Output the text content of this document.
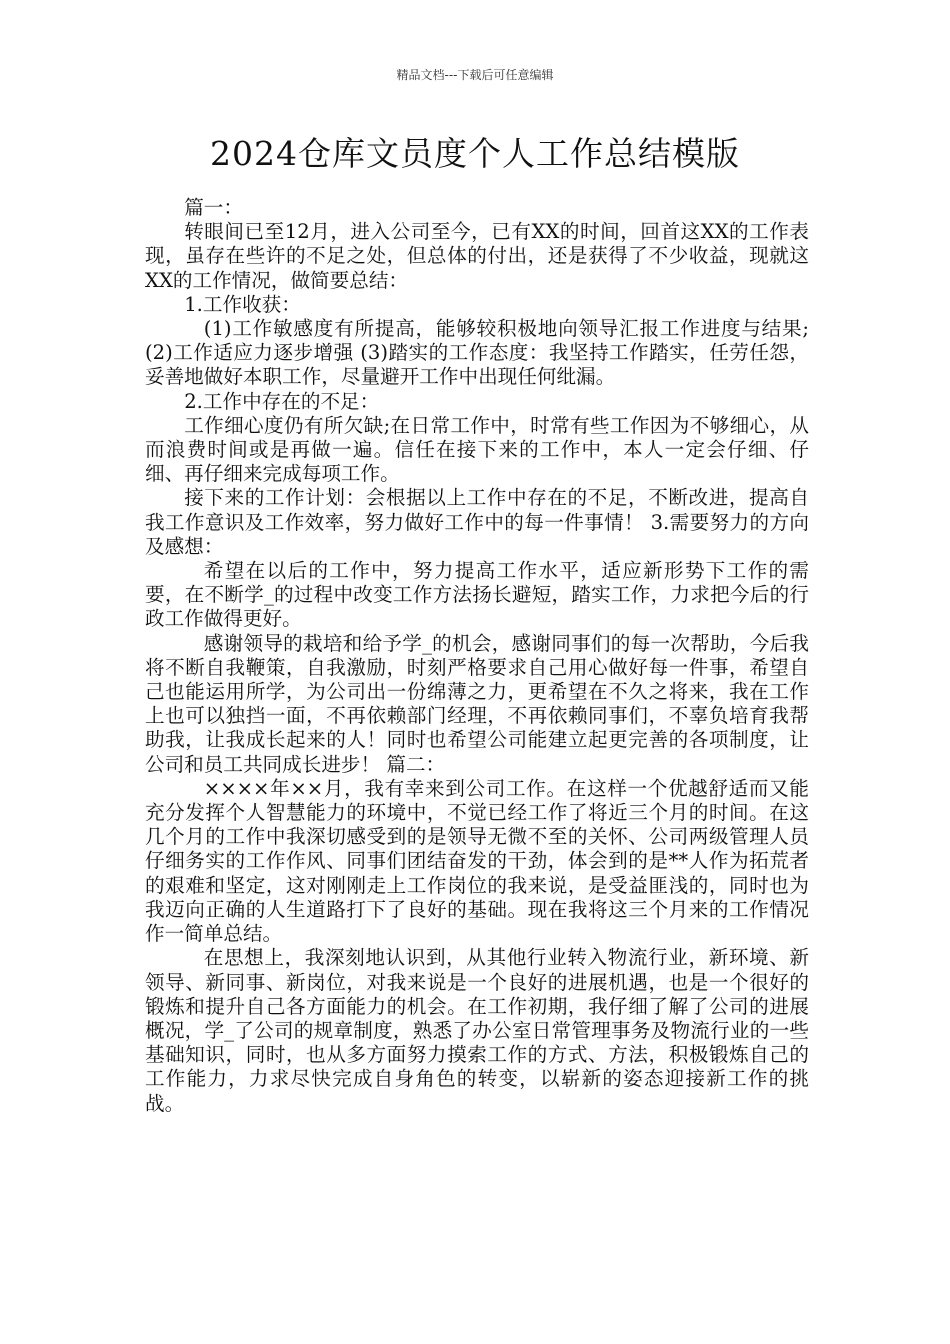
精品文档---下载后可任意编辑
2024仓库文员度个人工作总结模版

篇一：

转眼间已至12月，进入公司至今，已有XX的时间，回首这XX的工作表现，虽存在些许的不足之处，但总体的付出，还是获得了不少收益，现就这XX的工作情况，做简要总结：

1.工作收获：

(1)工作敏感度有所提高，能够较积极地向领导汇报工作进度与结果; (2)工作适应力逐步增强 (3)踏实的工作态度：我坚持工作踏实，任劳任怨，妥善地做好本职工作，尽量避开工作中出现任何纰漏。

2.工作中存在的不足：

工作细心度仍有所欠缺;在日常工作中，时常有些工作因为不够细心，从而浪费时间或是再做一遍。信任在接下来的工作中，本人一定会仔细、仔细、再仔细来完成每项工作。

接下来的工作计划：会根据以上工作中存在的不足，不断改进，提高自我工作意识及工作效率，努力做好工作中的每一件事情！ 3.需要努力的方向及感想：

希望在以后的工作中，努力提高工作水平，适应新形势下工作的需要，在不断学_的过程中改变工作方法扬长避短，踏实工作，力求把今后的行政工作做得更好。

感谢领导的栽培和给予学_的机会，感谢同事们的每一次帮助，今后我将不断自我鞭策，自我激励，时刻严格要求自己用心做好每一件事，希望自己也能运用所学，为公司出一份绵薄之力，更希望在不久之将来，我在工作上也可以独挡一面，不再依赖部门经理，不再依赖同事们，不辜负培育我帮助我，让我成长起来的人！同时也希望公司能建立起更完善的各项制度，让公司和员工共同成长进步！ 篇二：

××××年××月，我有幸来到公司工作。在这样一个优越舒适而又能充分发挥个人智慧能力的环境中，不觉已经工作了将近三个月的时间。在这几个月的工作中我深切感受到的是领导无微不至的关怀、公司两级管理人员仔细务实的工作作风、同事们团结奋发的干劲，体会到的是**人作为拓荒者的艰难和坚定，这对刚刚走上工作岗位的我来说，是受益匪浅的，同时也为我迈向正确的人生道路打下了良好的基础。现在我将这三个月来的工作情况作一简单总结。

在思想上，我深刻地认识到，从其他行业转入物流行业，新环境、新领导、新同事、新岗位，对我来说是一个良好的进展机遇，也是一个很好的锻炼和提升自己各方面能力的机会。在工作初期，我仔细了解了公司的进展概况，学_了公司的规章制度，熟悉了办公室日常管理事务及物流行业的一些基础知识，同时，也从多方面努力摸索工作的方式、方法，积极锻炼自己的工作能力，力求尽快完成自身角色的转变，以崭新的姿态迎接新工作的挑战。
